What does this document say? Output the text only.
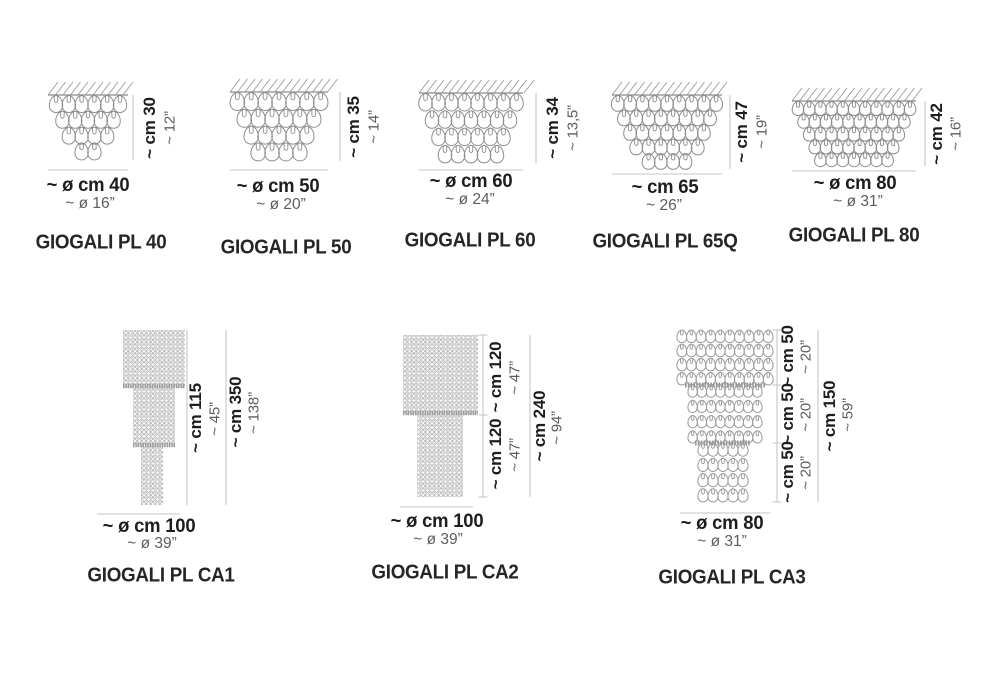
~ cm 30 ~ 12”
~ ø cm 40
~ ø 16”
GIOGALI PL 40
~ cm 35 ~ 14”
~ ø cm 50
~ ø 20”
GIOGALI PL 50
~ cm 34 ~ 13,5”
~ ø cm 60
~ ø 24”
GIOGALI PL 60
~ cm 47 ~ 19”
~ cm 65
~ 26”
GIOGALI PL 65Q
~ cm 42 ~ 16”
~ ø cm 80
~ ø 31”
GIOGALI PL 80
~ cm 115 ~ 45” ~ cm 350 ~ 138”
~ ø cm 100
~ ø 39”
GIOGALI PL CA1
~ cm 120 ~ 47”
~ cm 120 ~ 47” ~ cm 240 ~ 94”
~ ø cm 100
~ ø 39”
GIOGALI PL CA2
~ cm 50 ~ 20”
~ cm 50 ~ 20”
~ cm 50 ~ 20”
~ cm 150 ~ 59”
~ ø cm 80
~ ø 31”
GIOGALI PL CA3
